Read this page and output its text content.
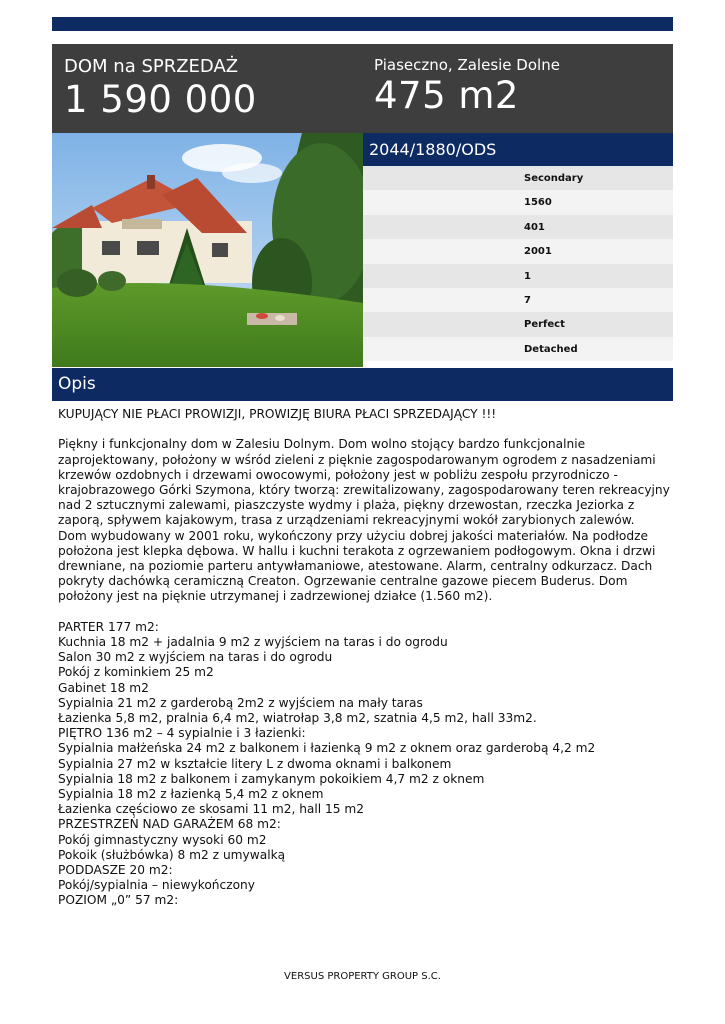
DOM na SPRZEDAŻ
1 590 000
Piaseczno, Zalesie Dolne
475 m2
2044/1880/ODS
Secondary
1560
401
2001
1
7
Perfect
Detached
Opis

KUPUJĄCY NIE PŁACI PROWIZJI, PROWIZJĘ BIURA PŁACI SPRZEDAJĄCY !!!

Piękny i funkcjonalny dom w Zalesiu Dolnym. Dom wolno stojący bardzo funkcjonalnie zaprojektowany, położony w wśród zieleni z pięknie zagospodarowanym ogrodem z nasadzeniami krzewów ozdobnych i drzewami owocowymi, położony jest w pobliżu zespołu przyrodniczo - krajobrazowego Górki Szymona, który tworzą: zrewitalizowany, zagospodarowany teren rekreacyjny nad 2 sztucznymi zalewami, piaszczyste wydmy i plaża, piękny drzewostan, rzeczka Jeziorka z zaporą, spływem kajakowym, trasa z urządzeniami rekreacyjnymi wokół zarybionych zalewów.

Dom wybudowany w 2001 roku, wykończony przy użyciu dobrej jakości materiałów. Na podłodze położona jest klepka dębowa. W hallu i kuchni terakota z ogrzewaniem podłogowym. Okna i drzwi drewniane, na poziomie parteru antywłamaniowe, atestowane. Alarm, centralny odkurzacz. Dach pokryty dachówką ceramiczną Creaton. Ogrzewanie centralne gazowe piecem Buderus. Dom położony jest na pięknie utrzymanej i zadrzewionej działce (1.560 m2).

PARTER 177 m2:

Kuchnia 18 m2 + jadalnia 9 m2 z wyjściem na taras i do ogrodu

Salon 30 m2 z wyjściem na taras i do ogrodu

Pokój z kominkiem 25 m2

Gabinet 18 m2

Sypialnia 21 m2 z garderobą 2m2 z wyjściem na mały taras

Łazienka 5,8 m2, pralnia 6,4 m2, wiatrołap 3,8 m2, szatnia 4,5 m2, hall 33m2.

PIĘTRO 136 m2 – 4 sypialnie i 3 łazienki:

Sypialnia małżeńska 24 m2 z balkonem i łazienką 9 m2 z oknem oraz garderobą 4,2 m2

Sypialnia 27 m2 w kształcie litery L z dwoma oknami i balkonem

Sypialnia 18 m2 z balkonem i zamykanym pokoikiem 4,7 m2 z oknem

Sypialnia 18 m2 z łazienką 5,4 m2 z oknem

Łazienka częściowo ze skosami 11 m2, hall 15 m2

PRZESTRZEŃ NAD GARAŻEM 68 m2:

Pokój gimnastyczny wysoki 60 m2

Pokoik (służbówka) 8 m2 z umywalką

PODDASZE 20 m2:

Pokój/sypialnia – niewykończony

POZIOM „0” 57 m2:

VERSUS PROPERTY GROUP S.C.
